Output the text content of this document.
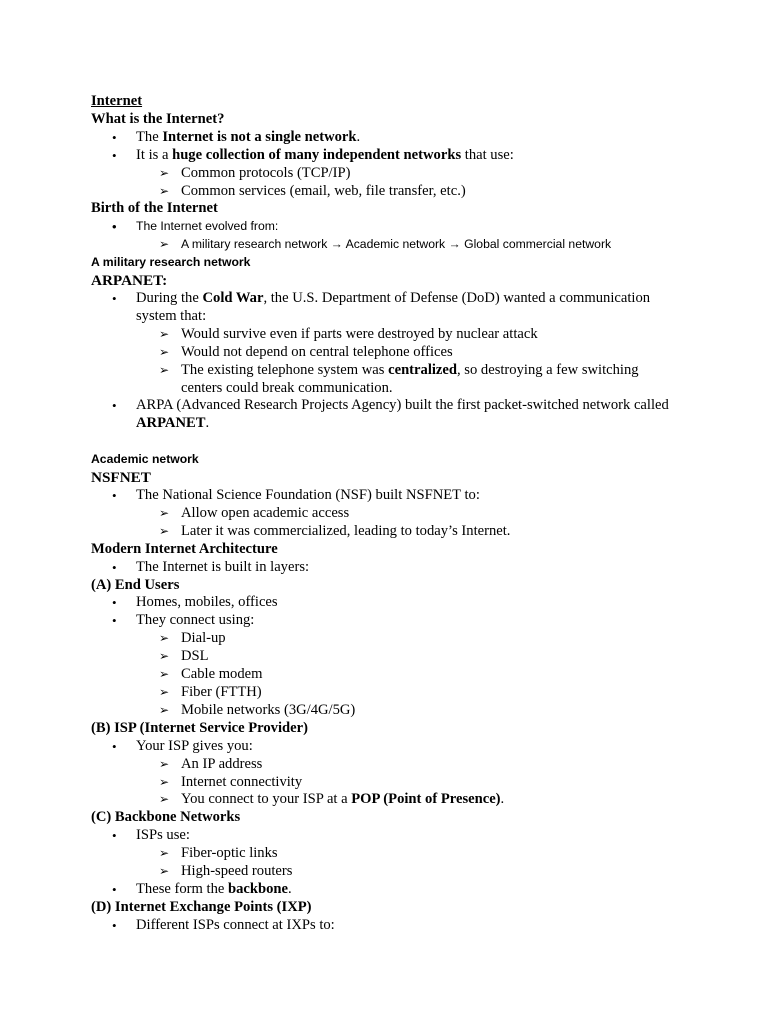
Internet
What is the Internet?
• The Internet is not a single network.
• It is a huge collection of many independent networks that use:
➢ Common protocols (TCP/IP)
➢ Common services (email, web, file transfer, etc.)
Birth of the Internet
• The Internet evolved from:
➢ A military research network → Academic network → Global commercial network
A military research network
ARPANET:
• During the Cold War, the U.S. Department of Defense (DoD) wanted a communication system that:
➢ Would survive even if parts were destroyed by nuclear attack
➢ Would not depend on central telephone offices
➢ The existing telephone system was centralized, so destroying a few switching centers could break communication.
• ARPA (Advanced Research Projects Agency) built the first packet-switched network called ARPANET.
Academic network
NSFNET
• The National Science Foundation (NSF) built NSFNET to:
➢ Allow open academic access
➢ Later it was commercialized, leading to today’s Internet.
Modern Internet Architecture
• The Internet is built in layers:
(A) End Users
• Homes, mobiles, offices
• They connect using:
➢ Dial-up
➢ DSL
➢ Cable modem
➢ Fiber (FTTH)
➢ Mobile networks (3G/4G/5G)
(B) ISP (Internet Service Provider)
• Your ISP gives you:
➢ An IP address
➢ Internet connectivity
➢ You connect to your ISP at a POP (Point of Presence).
(C) Backbone Networks
• ISPs use:
➢ Fiber-optic links
➢ High-speed routers
• These form the backbone.
(D) Internet Exchange Points (IXP)
• Different ISPs connect at IXPs to:
